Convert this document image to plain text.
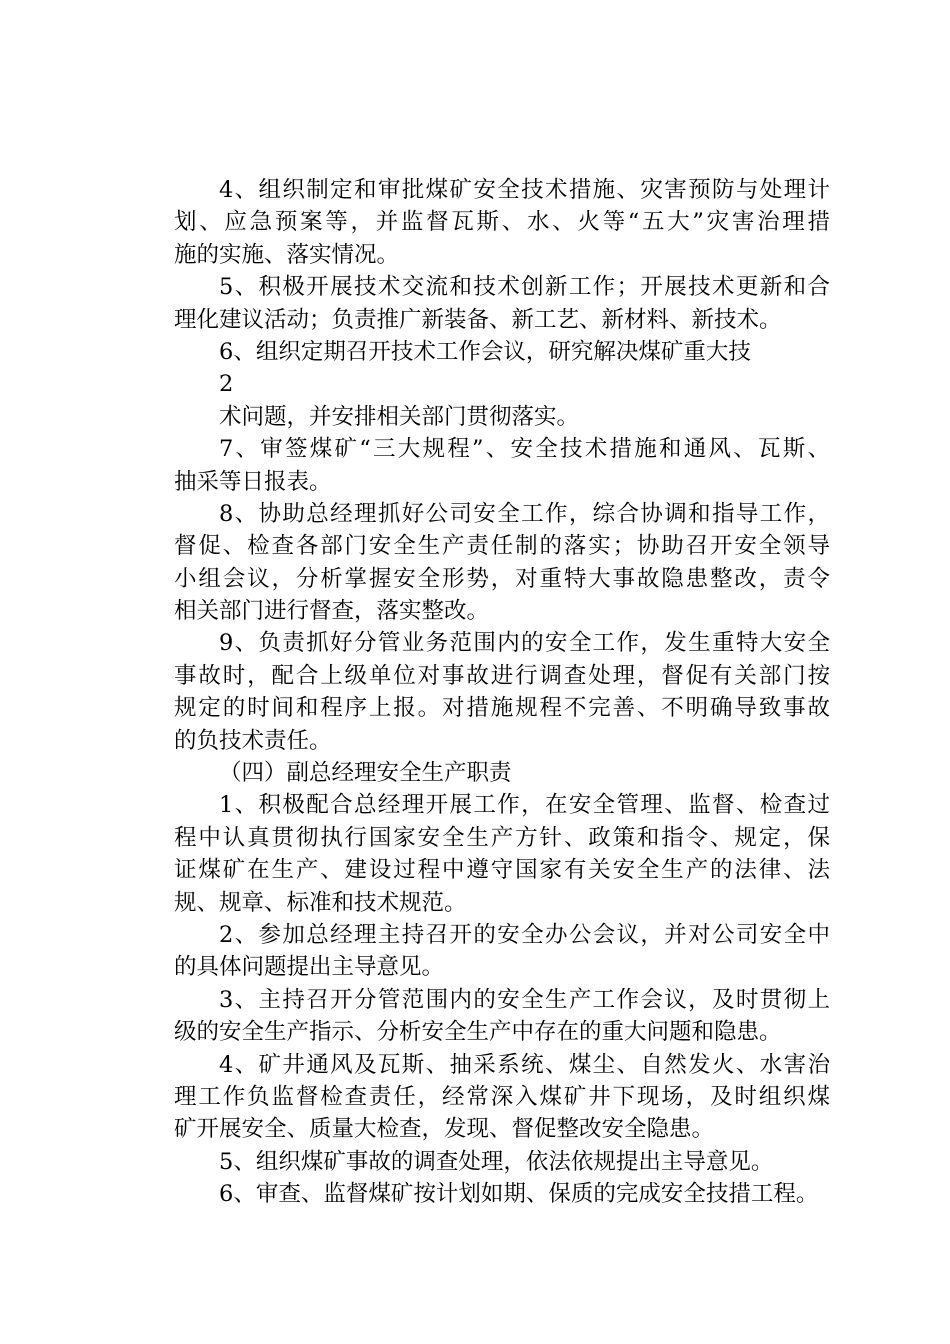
4、组织制定和审批煤矿安全技术措施、灾害预防与处理计
划、应急预案等，并监督瓦斯、水、火等“五大”灾害治理措
施的实施、落实情况。
5、积极开展技术交流和技术创新工作；开展技术更新和合
理化建议活动；负责推广新装备、新工艺、新材料、新技术。
6、组织定期召开技术工作会议，研究解决煤矿重大技
2
术问题，并安排相关部门贯彻落实。
7、审签煤矿“三大规程”、安全技术措施和通风、瓦斯、
抽采等日报表。
8、协助总经理抓好公司安全工作，综合协调和指导工作，
督促、检查各部门安全生产责任制的落实；协助召开安全领导
小组会议，分析掌握安全形势，对重特大事故隐患整改，责令
相关部门进行督查，落实整改。
9、负责抓好分管业务范围内的安全工作，发生重特大安全
事故时，配合上级单位对事故进行调查处理，督促有关部门按
规定的时间和程序上报。对措施规程不完善、不明确导致事故
的负技术责任。
（四）副总经理安全生产职责
1、积极配合总经理开展工作，在安全管理、监督、检查过
程中认真贯彻执行国家安全生产方针、政策和指令、规定，保
证煤矿在生产、建设过程中遵守国家有关安全生产的法律、法
规、规章、标准和技术规范。
2、参加总经理主持召开的安全办公会议，并对公司安全中
的具体问题提出主导意见。
3、主持召开分管范围内的安全生产工作会议，及时贯彻上
级的安全生产指示、分析安全生产中存在的重大问题和隐患。
4、矿井通风及瓦斯、抽采系统、煤尘、自然发火、水害治
理工作负监督检查责任，经常深入煤矿井下现场，及时组织煤
矿开展安全、质量大检查，发现、督促整改安全隐患。
5、组织煤矿事故的调查处理，依法依规提出主导意见。
6、审查、监督煤矿按计划如期、保质的完成安全技措工程。
